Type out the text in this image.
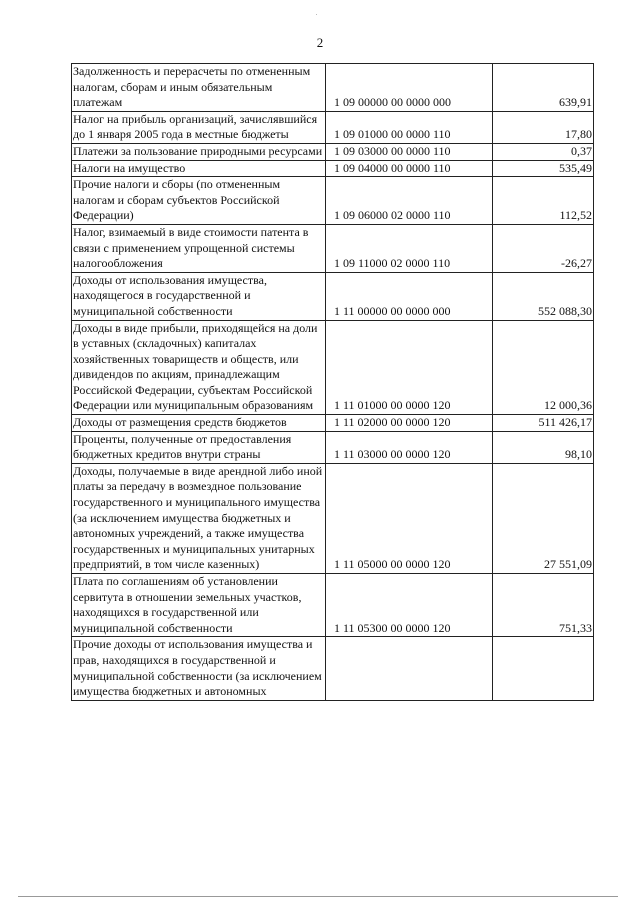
2
Задолженность и перерасчеты по отмененным налогам, сборам и иным обязательным платежам	1 09 00000 00 0000 000	639,91
Налог на прибыль организаций, зачислявшийся до 1 января 2005 года в местные бюджеты	1 09 01000 00 0000 110	17,80
Платежи за пользование природными ресурсами	1 09 03000 00 0000 110	0,37
Налоги на имущество	1 09 04000 00 0000 110	535,49
Прочие налоги и сборы (по отмененным налогам и сборам субъектов Российской Федерации)	1 09 06000 02 0000 110	112,52
Налог, взимаемый в виде стоимости патента в связи с применением упрощенной системы налогообложения	1 09 11000 02 0000 110	-26,27
Доходы от использования имущества, находящегося в государственной и муниципальной собственности	1 11 00000 00 0000 000	552 088,30
Доходы в виде прибыли, приходящейся на доли в уставных (складочных) капиталах хозяйственных товариществ и обществ, или дивидендов по акциям, принадлежащим Российской Федерации, субъектам Российской Федерации или муниципальным образованиям	1 11 01000 00 0000 120	12 000,36
Доходы от размещения средств бюджетов	1 11 02000 00 0000 120	511 426,17
Проценты, полученные от предоставления бюджетных кредитов внутри страны	1 11 03000 00 0000 120	98,10
Доходы, получаемые в виде арендной либо иной платы за передачу в возмездное пользование государственного и муниципального имущества (за исключением имущества бюджетных и автономных учреждений, а также имущества государственных и муниципальных унитарных предприятий, в том числе казенных)	1 11 05000 00 0000 120	27 551,09
Плата по соглашениям об установлении сервитута в отношении земельных участков, находящихся в государственной или муниципальной собственности	1 11 05300 00 0000 120	751,33
Прочие доходы от использования имущества и прав, находящихся в государственной и муниципальной собственности (за исключением имущества бюджетных и автономных		
